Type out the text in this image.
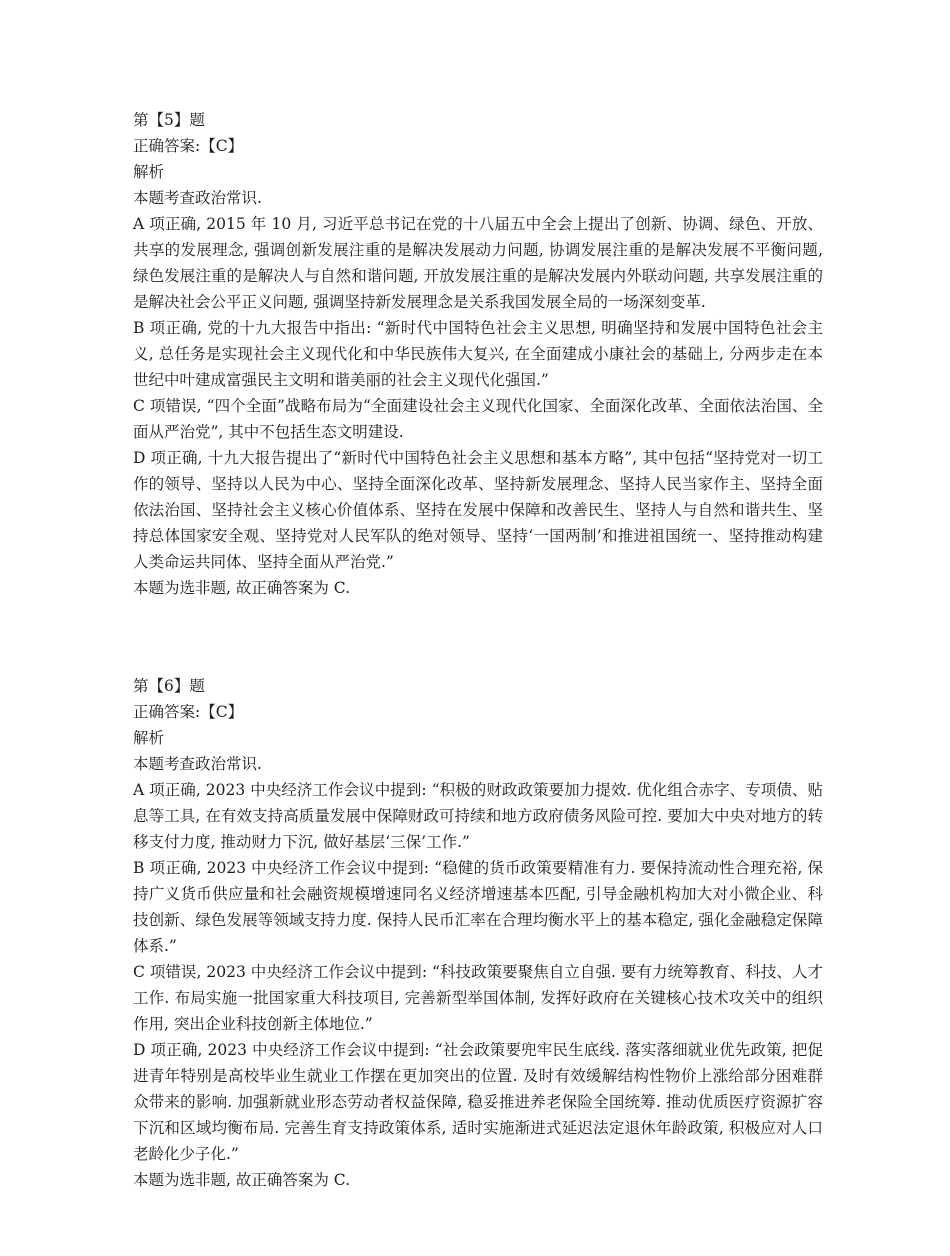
第【5】题

正确答案:【C】

解析

本题考查政治常识.

A 项正确, 2015 年 10 月, 习近平总书记在党的十八届五中全会上提出了创新、协调、绿色、开放、共享的发展理念, 强调创新发展注重的是解决发展动力问题, 协调发展注重的是解决发展不平衡问题, 绿色发展注重的是解决人与自然和谐问题, 开放发展注重的是解决发展内外联动问题, 共享发展注重的是解决社会公平正义问题, 强调坚持新发展理念是关系我国发展全局的一场深刻变革.

B 项正确, 党的十九大报告中指出: “新时代中国特色社会主义思想, 明确坚持和发展中国特色社会主义, 总任务是实现社会主义现代化和中华民族伟大复兴, 在全面建成小康社会的基础上, 分两步走在本世纪中叶建成富强民主文明和谐美丽的社会主义现代化强国.”

C 项错误, “四个全面”战略布局为“全面建设社会主义现代化国家、全面深化改革、全面依法治国、全面从严治党”, 其中不包括生态文明建设.

D 项正确, 十九大报告提出了“新时代中国特色社会主义思想和基本方略”, 其中包括“坚持党对一切工作的领导、坚持以人民为中心、坚持全面深化改革、坚持新发展理念、坚持人民当家作主、坚持全面依法治国、坚持社会主义核心价值体系、坚持在发展中保障和改善民生、坚持人与自然和谐共生、坚持总体国家安全观、坚持党对人民军队的绝对领导、坚持‘一国两制’和推进祖国统一、坚持推动构建人类命运共同体、坚持全面从严治党.”

本题为选非题, 故正确答案为 C.

第【6】题

正确答案:【C】

解析

本题考查政治常识.

A 项正确, 2023 中央经济工作会议中提到: “积极的财政政策要加力提效. 优化组合赤字、专项债、贴息等工具, 在有效支持高质量发展中保障财政可持续和地方政府债务风险可控. 要加大中央对地方的转移支付力度, 推动财力下沉, 做好基层‘三保’工作.”

B 项正确, 2023 中央经济工作会议中提到: “稳健的货币政策要精准有力. 要保持流动性合理充裕, 保持广义货币供应量和社会融资规模增速同名义经济增速基本匹配, 引导金融机构加大对小微企业、科技创新、绿色发展等领域支持力度. 保持人民币汇率在合理均衡水平上的基本稳定, 强化金融稳定保障体系.”

C 项错误, 2023 中央经济工作会议中提到: “科技政策要聚焦自立自强. 要有力统筹教育、科技、人才工作. 布局实施一批国家重大科技项目, 完善新型举国体制, 发挥好政府在关键核心技术攻关中的组织作用, 突出企业科技创新主体地位.”

D 项正确, 2023 中央经济工作会议中提到: “社会政策要兜牢民生底线. 落实落细就业优先政策, 把促进青年特别是高校毕业生就业工作摆在更加突出的位置. 及时有效缓解结构性物价上涨给部分困难群众带来的影响. 加强新就业形态劳动者权益保障, 稳妥推进养老保险全国统筹. 推动优质医疗资源扩容下沉和区域均衡布局. 完善生育支持政策体系, 适时实施渐进式延迟法定退休年龄政策, 积极应对人口老龄化少子化.”

本题为选非题, 故正确答案为 C.
